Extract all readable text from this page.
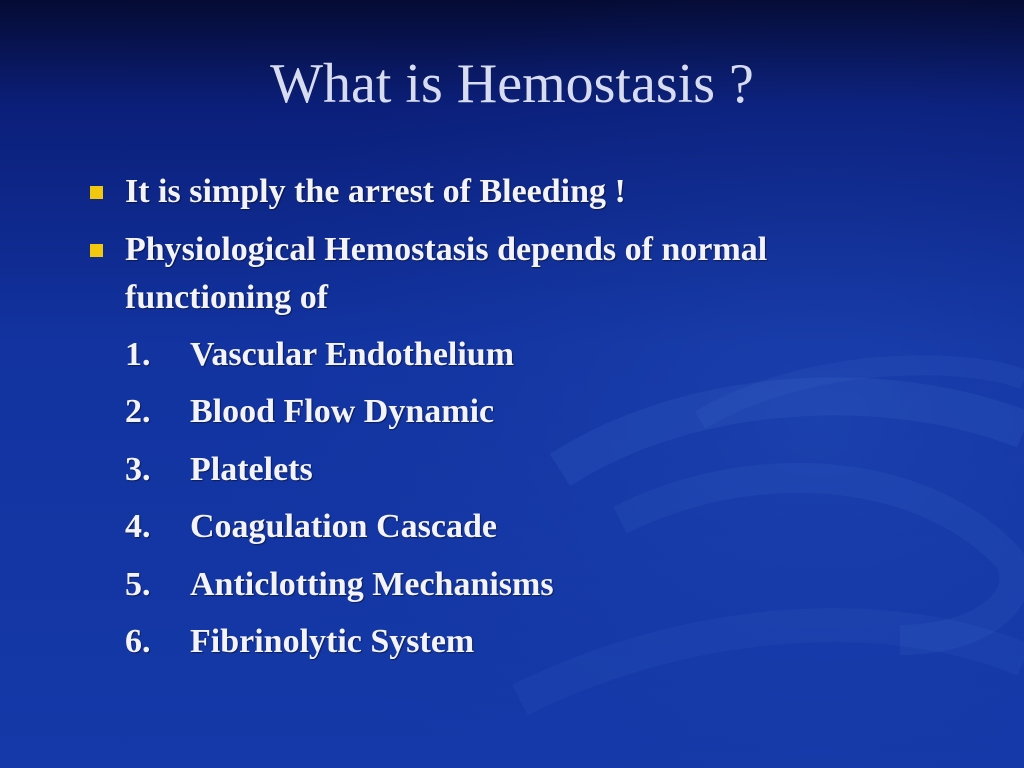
What is Hemostasis ?
It is simply the arrest of Bleeding !
Physiological Hemostasis depends of normal
functioning of
1. Vascular Endothelium
2. Blood Flow Dynamic
3. Platelets
4. Coagulation Cascade
5. Anticlotting Mechanisms
6. Fibrinolytic System
